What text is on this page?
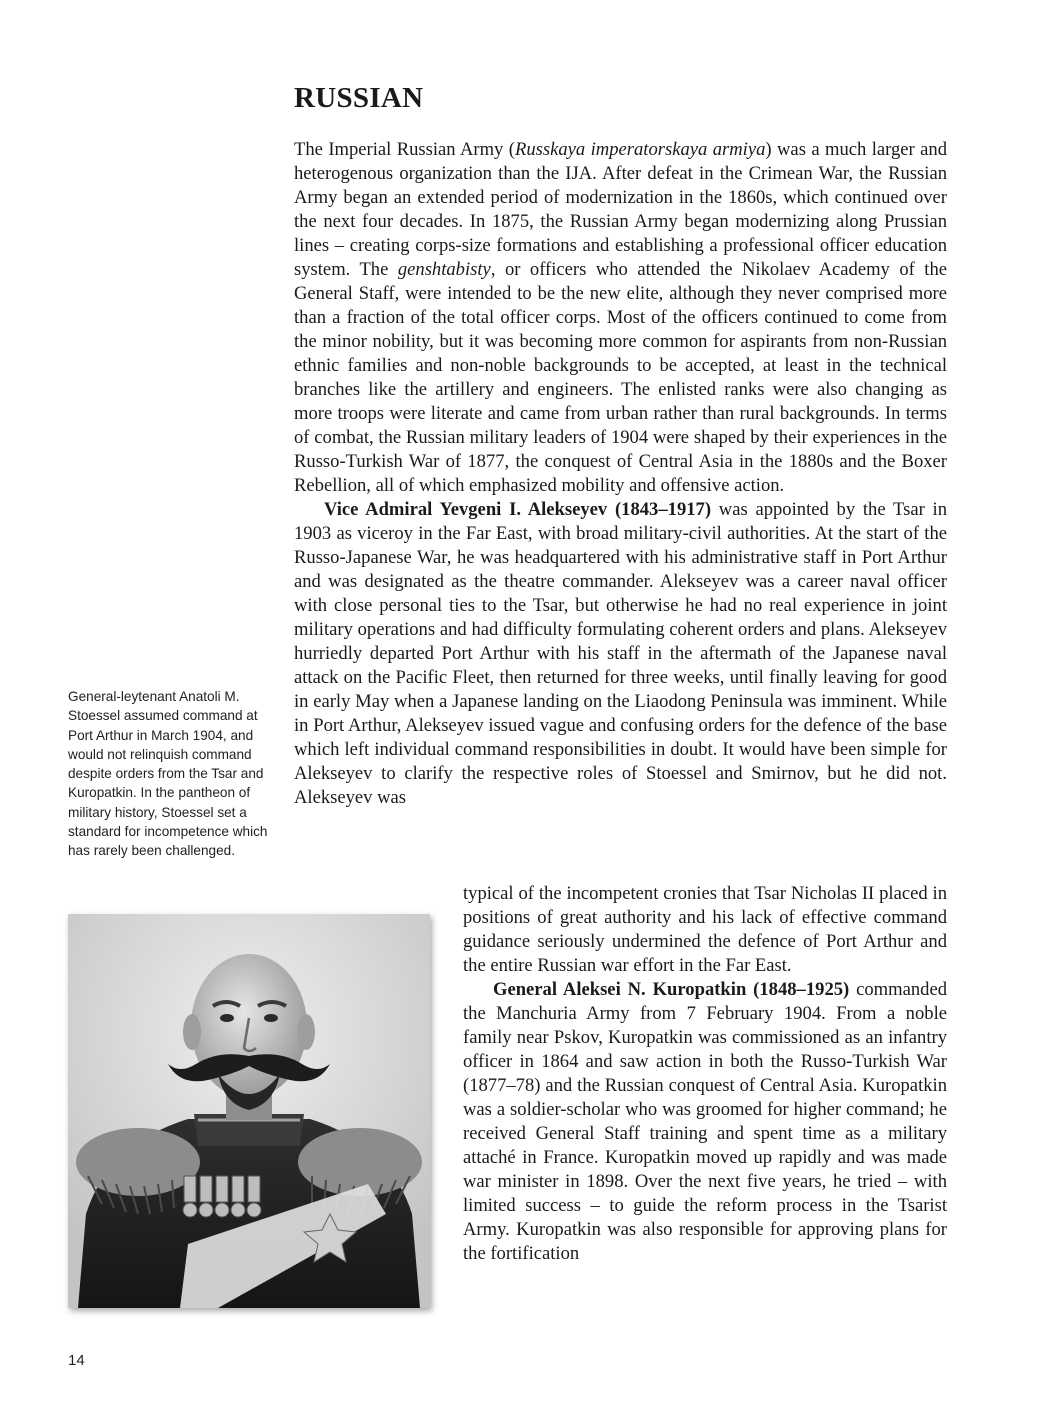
RUSSIAN

The Imperial Russian Army (Russkaya imperatorskaya armiya) was a much larger and heterogenous organization than the IJA. After defeat in the Crimean War, the Russian Army began an extended period of modernization in the 1860s, which continued over the next four decades. In 1875, the Russian Army began modernizing along Prussian lines – creating corps-size formations and establishing a professional officer education system. The genshtabisty, or officers who attended the Nikolaev Academy of the General Staff, were intended to be the new elite, although they never comprised more than a fraction of the total officer corps. Most of the officers continued to come from the minor nobility, but it was becoming more common for aspirants from non-Russian ethnic families and non-noble backgrounds to be accepted, at least in the technical branches like the artillery and engineers. The enlisted ranks were also changing as more troops were literate and came from urban rather than rural backgrounds. In terms of combat, the Russian military leaders of 1904 were shaped by their experiences in the Russo-Turkish War of 1877, the conquest of Central Asia in the 1880s and the Boxer Rebellion, all of which emphasized mobility and offensive action.

Vice Admiral Yevgeni I. Alekseyev (1843–1917) was appointed by the Tsar in 1903 as viceroy in the Far East, with broad military-civil authorities. At the start of the Russo-Japanese War, he was headquartered with his administrative staff in Port Arthur and was designated as the theatre commander. Alekseyev was a career naval officer with close personal ties to the Tsar, but otherwise he had no real experience in joint military operations and had difficulty formulating coherent orders and plans. Alekseyev hurriedly departed Port Arthur with his staff in the aftermath of the Japanese naval attack on the Pacific Fleet, then returned for three weeks, until finally leaving for good in early May when a Japanese landing on the Liaodong Peninsula was imminent. While in Port Arthur, Alekseyev issued vague and confusing orders for the defence of the base which left individual command responsibilities in doubt. It would have been simple for Alekseyev to clarify the respective roles of Stoessel and Smirnov, but he did not. Alekseyev was

General-leytenant Anatoli M. Stoessel assumed command at Port Arthur in March 1904, and would not relinquish command despite orders from the Tsar and Kuropatkin. In the pantheon of military history, Stoessel set a standard for incompetence which has rarely been challenged.

typical of the incompetent cronies that Tsar Nicholas II placed in positions of great authority and his lack of effective command guidance seriously undermined the defence of Port Arthur and the entire Russian war effort in the Far East.

General Aleksei N. Kuropatkin (1848–1925) commanded the Manchuria Army from 7 February 1904. From a noble family near Pskov, Kuropatkin was commissioned as an infantry officer in 1864 and saw action in both the Russo-Turkish War (1877–78) and the Russian conquest of Central Asia. Kuropatkin was a soldier-scholar who was groomed for higher command; he received General Staff training and spent time as a military attaché in France. Kuropatkin moved up rapidly and was made war minister in 1898. Over the next five years, he tried – with limited success – to guide the reform process in the Tsarist Army. Kuropatkin was also responsible for approving plans for the fortification

14
